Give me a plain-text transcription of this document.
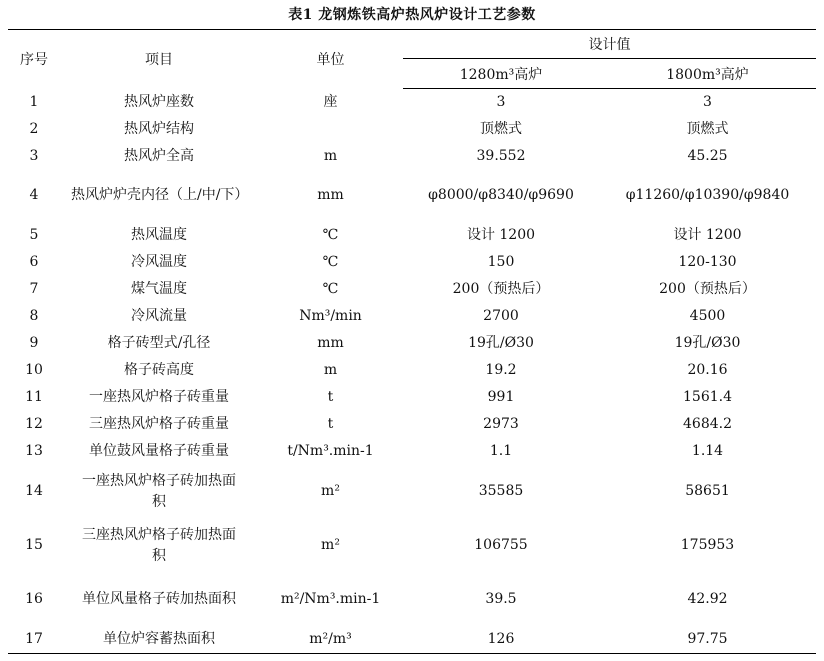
表1 龙钢炼铁高炉热风炉设计工艺参数
序号	项目	单位	设计值	
			1280m³高炉	1800m³高炉
1	热风炉座数	座	3	3
2	热风炉结构		顶燃式	顶燃式
3	热风炉全高	m	39.552	45.25
4	热风炉炉壳内径（上/中/下）	mm	φ8000/φ8340/φ9690	φ11260/φ10390/φ9840
5	热风温度	℃	设计 1200	设计 1200
6	冷风温度	℃	150	120-130
7	煤气温度	℃	200（预热后）	200（预热后）
8	冷风流量	Nm³/min	2700	4500
9	格子砖型式/孔径	mm	19孔/Ø30	19孔/Ø30
10	格子砖高度	m	19.2	20.16
11	一座热风炉格子砖重量	t	991	1561.4
12	三座热风炉格子砖重量	t	2973	4684.2
13	单位鼓风量格子砖重量	t/Nm³.min-1	1.1	1.14
14	一座热风炉格子砖加热面积	m²	35585	58651
15	三座热风炉格子砖加热面积	m²	106755	175953
16	单位风量格子砖加热面积	m²/Nm³.min-1	39.5	42.92
17	单位炉容蓄热面积	m²/m³	126	97.75
